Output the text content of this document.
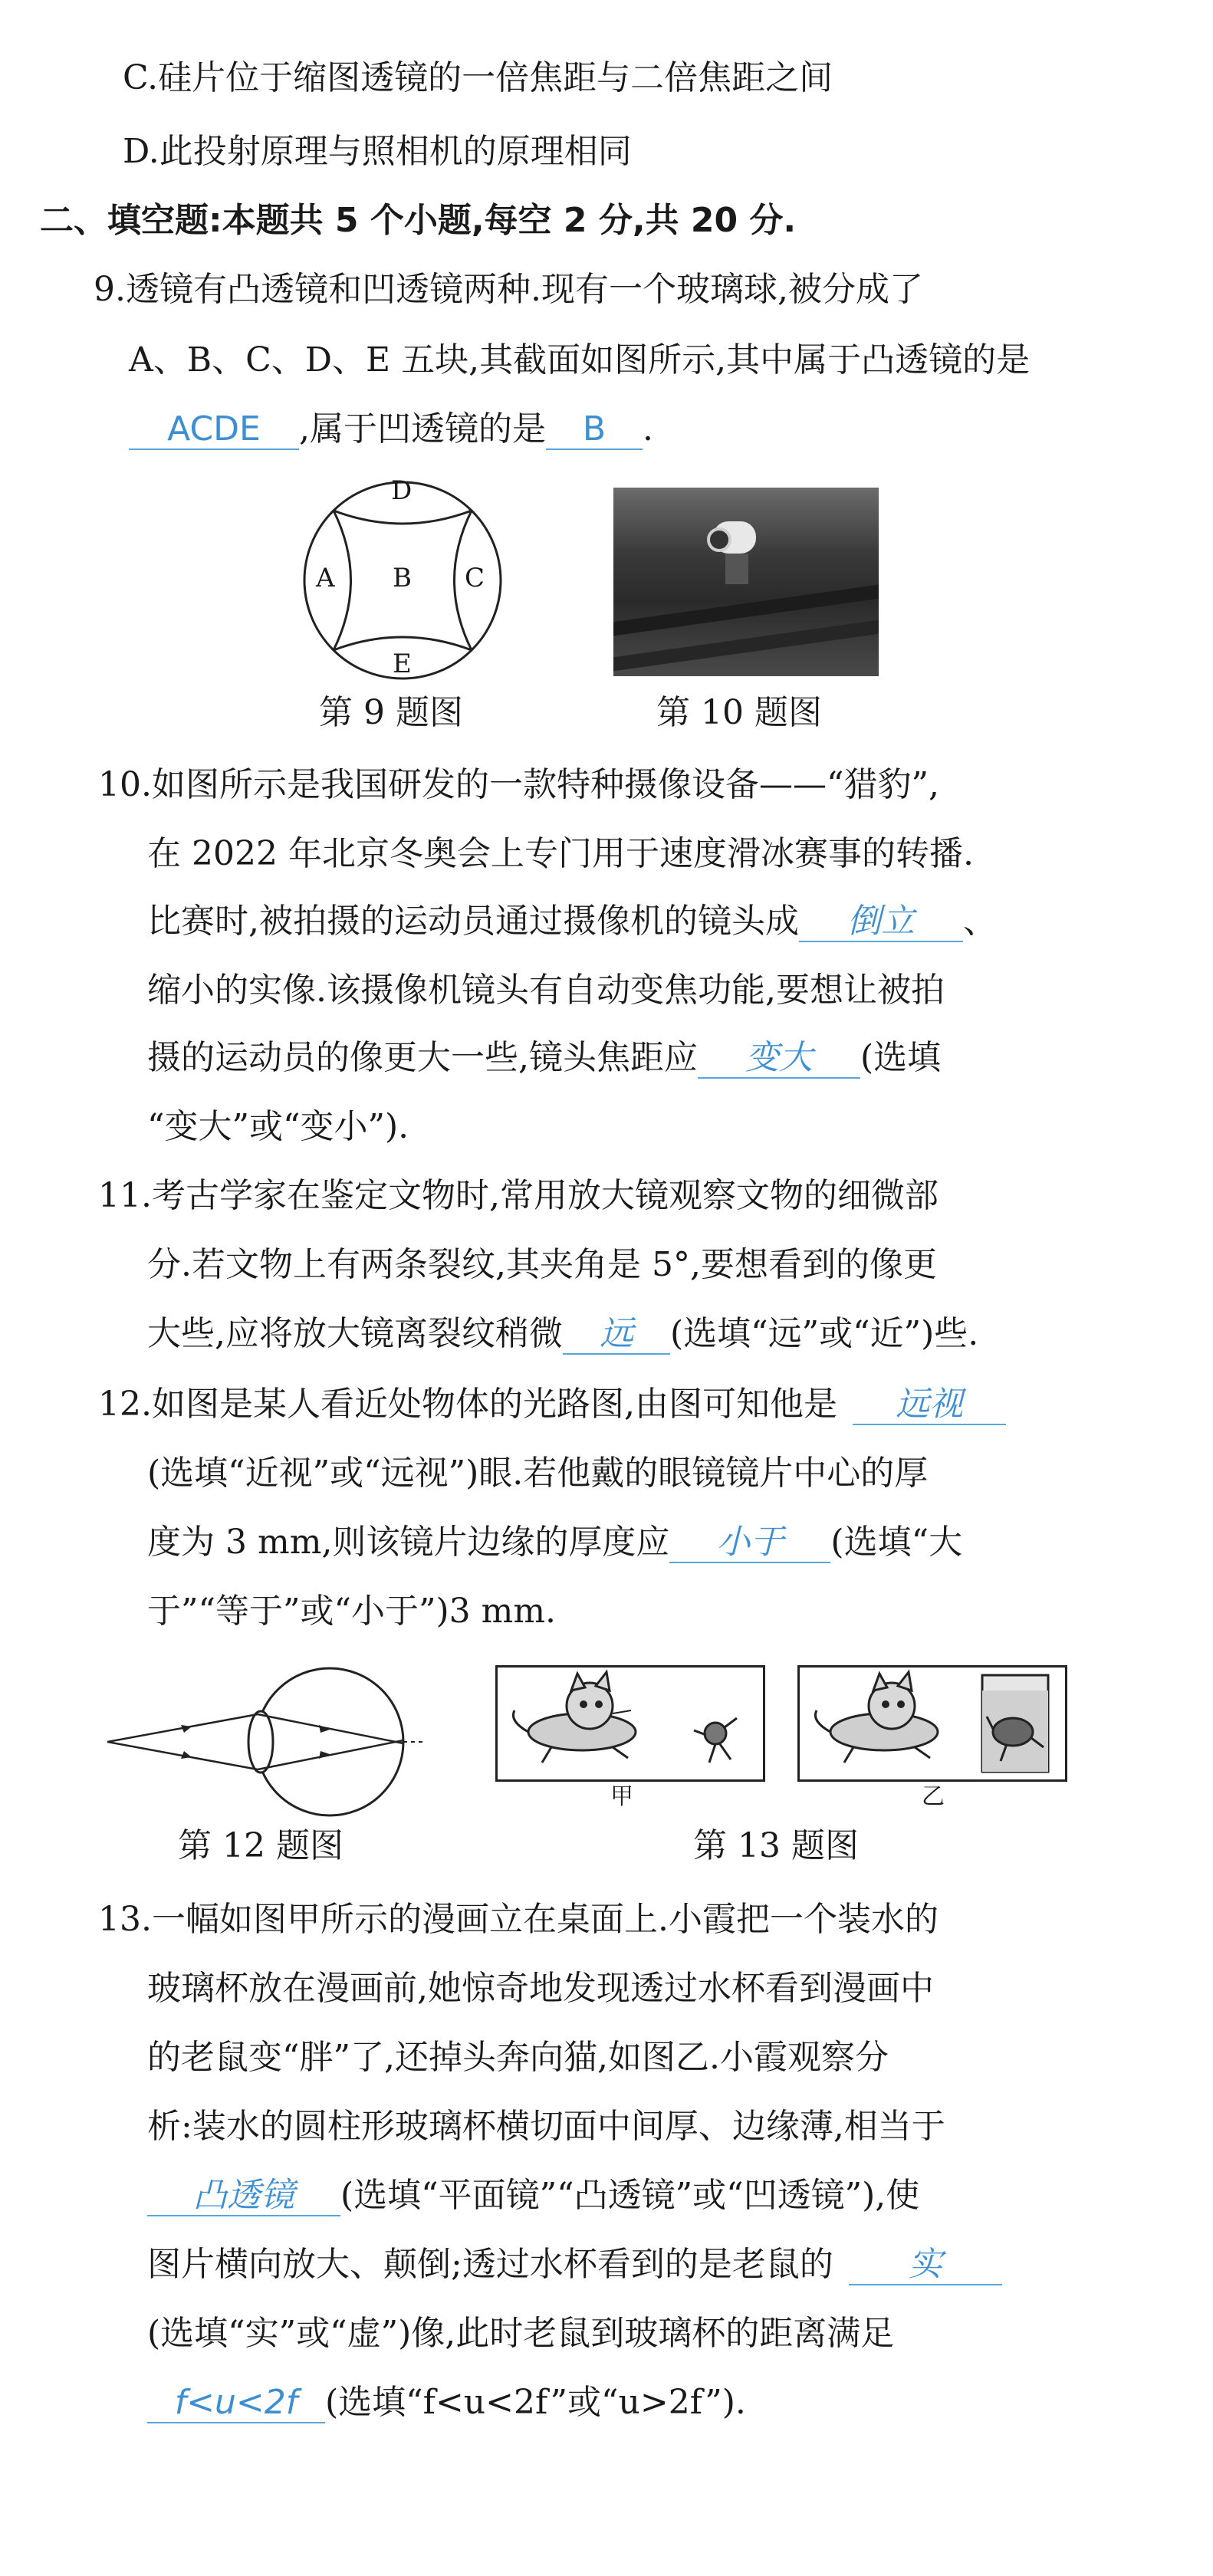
C.硅片位于缩图透镜的一倍焦距与二倍焦距之间
D.此投射原理与照相机的原理相同
二、填空题:本题共 5 个小题,每空 2 分,共 20 分.
9.透镜有凸透镜和凹透镜两种.现有一个玻璃球,被分成了
A、B、C、D、E 五块,其截面如图所示,其中属于凸透镜的是
ACDE ,属于凹透镜的是 B .
D
A B C
E
第 9 题图	第 10 题图
10.如图所示是我国研发的一款特种摄像设备——“猎豹”,
在 2022 年北京冬奥会上专门用于速度滑冰赛事的转播.
比赛时,被拍摄的运动员通过摄像机的镜头成 倒立 、
缩小的实像.该摄像机镜头有自动变焦功能,要想让被拍
摄的运动员的像更大一些,镜头焦距应 变大 (选填
“变大”或“变小”).
11.考古学家在鉴定文物时,常用放大镜观察文物的细微部
分.若文物上有两条裂纹,其夹角是 5°,要想看到的像更
大些,应将放大镜离裂纹稍微 远 (选填“远”或“近”)些.
12.如图是某人看近处物体的光路图,由图可知他是 远视
(选填“近视”或“远视”)眼.若他戴的眼镜镜片中心的厚
度为 3 mm,则该镜片边缘的厚度应 小于 (选填“大
于”“等于”或“小于”)3 mm.
第 12 题图
甲	乙
第 13 题图
13.一幅如图甲所示的漫画立在桌面上.小霞把一个装水的
玻璃杯放在漫画前,她惊奇地发现透过水杯看到漫画中
的老鼠变“胖”了,还掉头奔向猫,如图乙.小霞观察分
析:装水的圆柱形玻璃杯横切面中间厚、边缘薄,相当于
凸透镜 (选填“平面镜”“凸透镜”或“凹透镜”),使
图片横向放大、颠倒;透过水杯看到的是老鼠的 实
(选填“实”或“虚”)像,此时老鼠到玻璃杯的距离满足
f<u<2f (选填“f<u<2f”或“u>2f”).
